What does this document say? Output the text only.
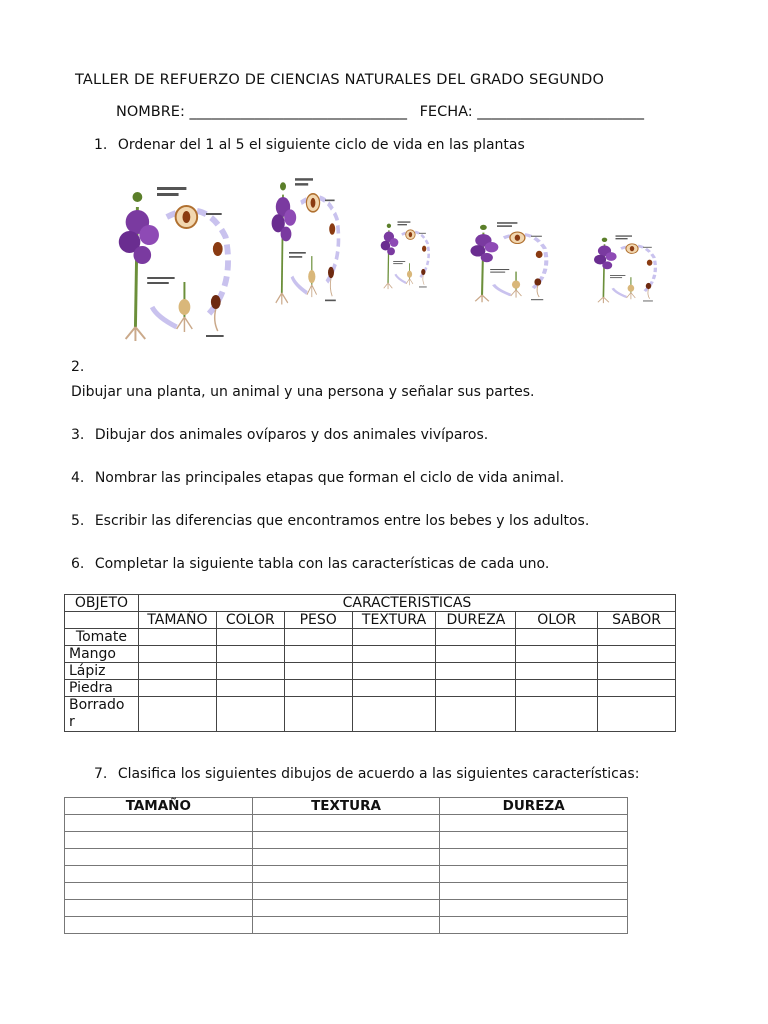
TALLER DE REFUERZO DE CIENCIAS NATURALES DEL GRADO SEGUNDO
NOMBRE: ______________________________ FECHA: _______________________
1. Ordenar del 1 al 5 el siguiente ciclo de vida en las plantas
2.
Dibujar una planta, un animal y una persona y señalar sus partes.
3. Dibujar dos animales ovíparos y dos animales vivíparos.
4. Nombrar las principales etapas que forman el ciclo de vida animal.
5. Escribir las diferencias que encontramos entre los bebes y los adultos.
6. Completar la siguiente tabla con las características de cada uno.
OBJETO	CARACTERISTICAS						
	TAMAÑO	COLOR	PESO	TEXTURA	DUREZA	OLOR	SABOR
Tomate							
Mango							
Lápiz							
Piedra							
Borrado
r							
7. Clasifica los siguientes dibujos de acuerdo a las siguientes características:
TAMAÑO	TEXTURA	DUREZA
